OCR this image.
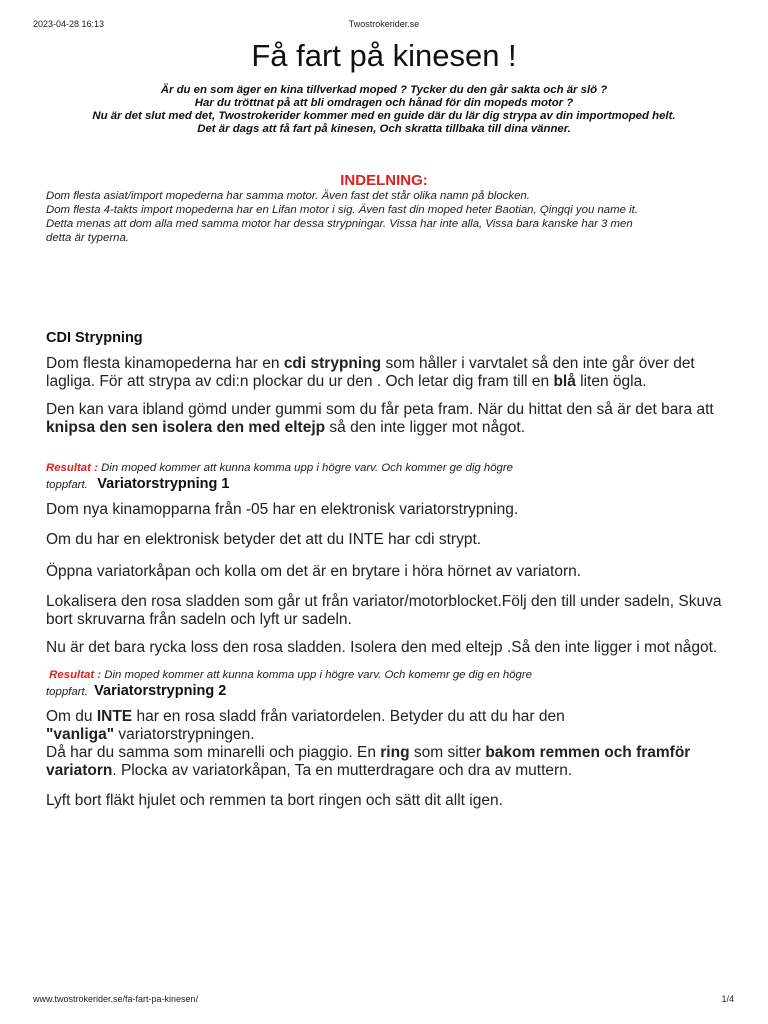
2023-04-28 16:13	Twostrokerider.se
Få fart på kinesen !
Är du en som äger en kina tillverkad moped ? Tycker du den går sakta och är slö ?
Har du tröttnat på att bli omdragen och hånad för din mopeds motor ?
Nu är det slut med det, Twostrokerider kommer med en guide där du lär dig strypa av din importmoped helt.
Det är dags att få fart på kinesen, Och skratta tillbaka till dina vänner.
INDELNING:
Dom flesta asiat/import mopederna har samma motor. Även fast det står olika namn på blocken.
Dom flesta 4-takts import mopederna har en Lifan motor i sig. Även fast din moped heter Baotian, Qingqi you name it.
Detta menas att dom alla med samma motor har dessa strypningar. Vissa har inte alla, Vissa bara kanske har 3 men
detta är typerna.
CDI Strypning

Dom flesta kinamopederna har en cdi strypning som håller i varvtalet så den inte går över det lagliga. För att strypa av cdi:n plockar du ur den . Och letar dig fram till en blå liten ögla.

Den kan vara ibland gömd under gummi som du får peta fram. När du hittat den så är det bara att knipsa den sen isolera den med eltejp så den inte ligger mot något.

Resultat : Din moped kommer att kunna komma upp i högre varv. Och kommer ge dig högre
toppfart. Variatorstrypning 1

Dom nya kinamopparna från -05 har en elektronisk variatorstrypning.

Om du har en elektronisk betyder det att du INTE har cdi strypt.

Öppna variatorkåpan och kolla om det är en brytare i höra hörnet av variatorn.

Lokalisera den rosa sladden som går ut från variator/motorblocket.Följ den till under sadeln, Skuva bort skruvarna från sadeln och lyft ur sadeln.

Nu är det bara rycka loss den rosa sladden. Isolera den med eltejp .Så den inte ligger i mot något.

Resultat : Din moped kommer att kunna komma upp i högre varv. Och komemr ge dig en högre
toppfart. Variatorstrypning 2

Om du INTE har en rosa sladd från variatordelen. Betyder du att du har den
"vanliga" variatorstrypningen.

Då har du samma som minarelli och piaggio. En ring som sitter bakom remmen och framför variatorn. Plocka av variatorkåpan, Ta en mutterdragare och dra av muttern.

Lyft bort fläkt hjulet och remmen ta bort ringen och sätt dit allt igen.

www.twostrokerider.se/fa-fart-pa-kinesen/	1/4
